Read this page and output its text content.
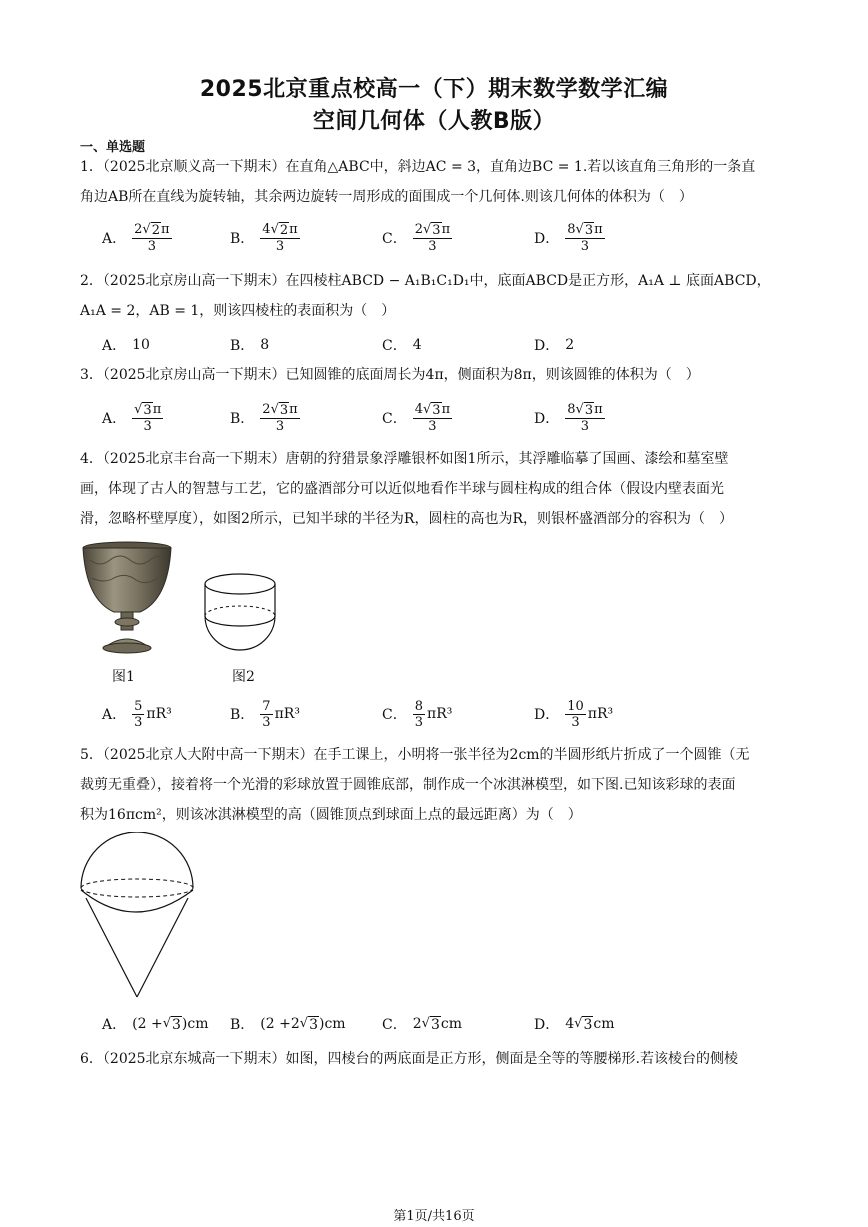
2025北京重点校高一（下）期末数学数学汇编
空间几何体（人教B版）
一、单选题
1．（2025北京顺义高一下期末）在直角△ABC中，斜边AC = 3，直角边BC = 1.若以该直角三角形的一条直
角边AB所在直线为旋转轴，其余两边旋转一周形成的面围成一个几何体.则该几何体的体积为（　）
A． $\frac{2 √ 2 \pi}{3}$	B． $\frac{4 √ 2 \pi}{3}$	C． $\frac{2 √ 3 \pi}{3}$	D． $\frac{8 √ 3 \pi}{3}$
2．（2025北京房山高一下期末）在四棱柱ABCD − A₁B₁C₁D₁中，底面ABCD是正方形，A₁A ⊥ 底面ABCD，
A₁A = 2，AB = 1，则该四棱柱的表面积为（　）
A． 10	B． 8	C． 4	D． 2
3．（2025北京房山高一下期末）已知圆锥的底面周长为4π，侧面积为8π，则该圆锥的体积为（　）
A． $\frac{√ 3 \pi}{3}$	B． $\frac{2 √ 3 \pi}{3}$	C． $\frac{4 √ 3 \pi}{3}$	D． $\frac{8 √ 3 \pi}{3}$
4．（2025北京丰台高一下期末）唐朝的狩猎景象浮雕银杯如图1所示，其浮雕临摹了国画、漆绘和墓室壁
画，体现了古人的智慧与工艺，它的盛酒部分可以近似地看作半球与圆柱构成的组合体（假设内壁表面光
滑，忽略杯壁厚度），如图2所示，已知半球的半径为R，圆柱的高也为R，则银杯盛酒部分的容积为（　）
图1	图2
A． $\frac{5}{3} \pi R^3$	B． $\frac{7}{3} \pi R^3$	C． $\frac{8}{3} \pi R^3$	D． $\frac{10}{3} \pi R^3$
5．（2025北京人大附中高一下期末）在手工课上，小明将一张半径为2cm的半圆形纸片折成了一个圆锥（无
裁剪无重叠），接着将一个光滑的彩球放置于圆锥底部，制作成一个冰淇淋模型，如下图.已知该彩球的表面
积为16πcm²，则该冰淇淋模型的高（圆锥顶点到球面上点的最远距离）为（　）
A． (2 + √ 3 )cm B． (2 + 2 √ 3 )cm	C． 2 √ 3 cm	D． 4 √ 3 cm
6．（2025北京东城高一下期末）如图，四棱台的两底面是正方形，侧面是全等的等腰梯形.若该棱台的侧棱
第1页/共16页
